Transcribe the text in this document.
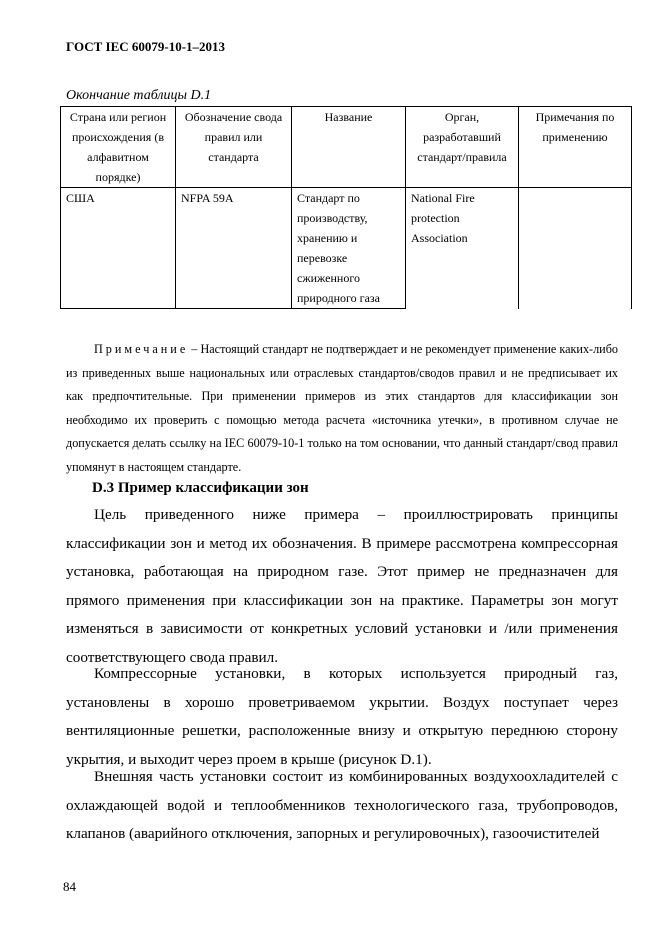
ГОСТ IEC 60079-10-1–2013
Окончание таблицы D.1
Страна или регион происхождения (в алфавитном порядке)	Обозначение свода правил или стандарта	Название	Орган, разработавший стандарт/правила	Примечания по применению
США	NFPA 59A	Стандарт по производству, хранению и перевозке сжиженного природного газа	National Fire protection Association	
Примечание – Настоящий стандарт не подтверждает и не рекомендует применение каких-либо из приведенных выше национальных или отраслевых стандартов/сводов правил и не предписывает их как предпочтительные. При применении примеров из этих стандартов для классификации зон необходимо их проверить с помощью метода расчета «источника утечки», в противном случае не допускается делать ссылку на IEC 60079-10-1 только на том основании, что данный стандарт/свод правил упомянут в настоящем стандарте.
D.3 Пример классификации зон
Цель приведенного ниже примера – проиллюстрировать принципы классификации зон и метод их обозначения. В примере рассмотрена компрессорная установка, работающая на природном газе. Этот пример не предназначен для прямого применения при классификации зон на практике. Параметры зон могут изменяться в зависимости от конкретных условий установки и /или применения соответствующего свода правил.
Компрессорные установки, в которых используется природный газ, установлены в хорошо проветриваемом укрытии. Воздух поступает через вентиляционные решетки, расположенные внизу и открытую переднюю сторону укрытия, и выходит через проем в крыше (рисунок D.1).
Внешняя часть установки состоит из комбинированных воздухоохладителей с охлаждающей водой и теплообменников технологического газа, трубопроводов, клапанов (аварийного отключения, запорных и регулировочных), газоочистителей
84
